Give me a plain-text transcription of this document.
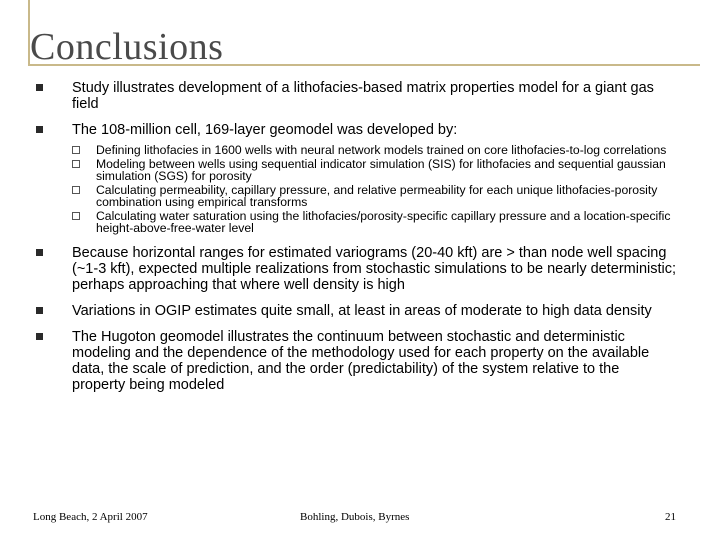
Conclusions
Study illustrates development of a lithofacies-based matrix properties model for a giant gas field
The 108-million cell, 169-layer geomodel was developed by:
Defining lithofacies in 1600 wells with neural network models trained on core lithofacies-to-log correlations
Modeling between wells using sequential indicator simulation (SIS) for lithofacies and sequential gaussian simulation (SGS) for porosity
Calculating permeability, capillary pressure, and relative permeability for each unique lithofacies-porosity combination using empirical transforms
Calculating water saturation using the lithofacies/porosity-specific capillary pressure and a location-specific height-above-free-water level
Because horizontal ranges for estimated variograms (20-40 kft) are > than node well spacing (~1-3 kft), expected multiple realizations from stochastic simulations to be nearly deterministic; perhaps approaching that where well density is high
Variations in OGIP estimates quite small, at least in areas of moderate to high data density
The Hugoton geomodel illustrates the continuum between stochastic and deterministic modeling and the dependence of the methodology used for each property on the available data, the scale of prediction, and the order (predictability) of the system relative to the property being modeled
Long Beach, 2 April 2007	Bohling, Dubois, Byrnes	21
